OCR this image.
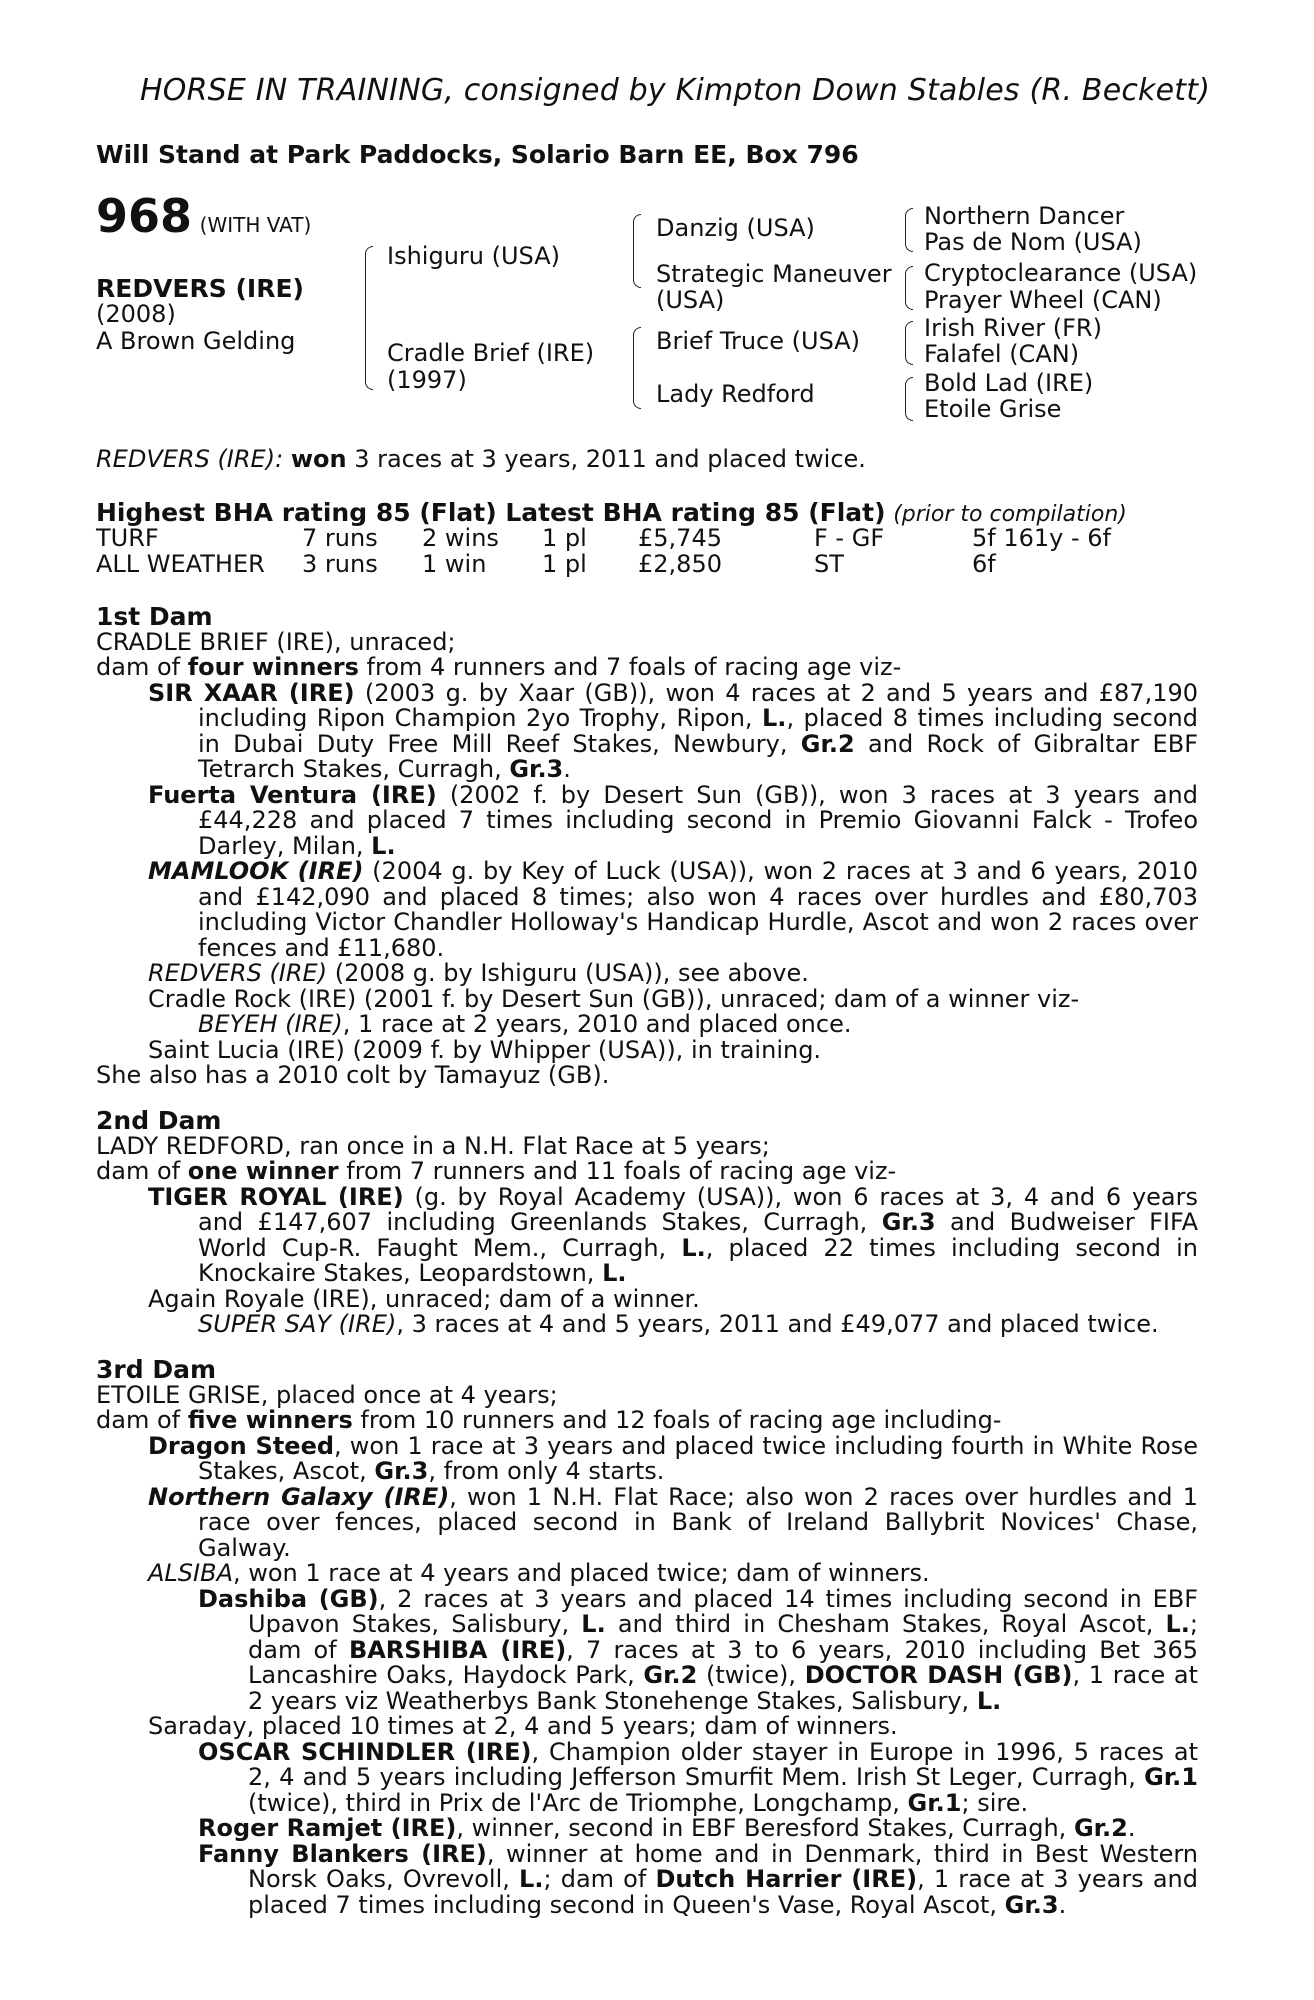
HORSE IN TRAINING, consigned by Kimpton Down Stables (R. Beckett)
Will Stand at Park Paddocks, Solario Barn EE, Box 796
968 (WITH VAT)
REDVERS (IRE)
(2008)
A Brown Gelding
Ishiguru (USA)
Cradle Brief (IRE)
(1997)
Danzig (USA)
Strategic Maneuver
(USA)
Brief Truce (USA)
Lady Redford
Northern Dancer
Pas de Nom (USA)
Cryptoclearance (USA)
Prayer Wheel (CAN)
Irish River (FR)
Falafel (CAN)
Bold Lad (IRE)
Etoile Grise
REDVERS (IRE): won 3 races at 3 years, 2011 and placed twice.
Highest BHA rating 85 (Flat) Latest BHA rating 85 (Flat) (prior to compilation)
TURF	7 runs 2 wins 1 pl £5,745	F - GF	5f 161y - 6f
ALL WEATHER 3 runs 1 win 1 pl £2,850	ST	6f
1st Dam
CRADLE BRIEF (IRE), unraced;
dam of four winners from 4 runners and 7 foals of racing age viz-
SIR XAAR (IRE) (2003 g. by Xaar (GB)), won 4 races at 2 and 5 years and £87,190 including Ripon Champion 2yo Trophy, Ripon, L., placed 8 times including second in Dubai Duty Free Mill Reef Stakes, Newbury, Gr.2 and Rock of Gibraltar EBF Tetrarch Stakes, Curragh, Gr.3.
Fuerta Ventura (IRE) (2002 f. by Desert Sun (GB)), won 3 races at 3 years and £44,228 and placed 7 times including second in Premio Giovanni Falck - Trofeo Darley, Milan, L.
MAMLOOK (IRE) (2004 g. by Key of Luck (USA)), won 2 races at 3 and 6 years, 2010 and £142,090 and placed 8 times; also won 4 races over hurdles and £80,703 including Victor Chandler Holloway's Handicap Hurdle, Ascot and won 2 races over fences and £11,680.
REDVERS (IRE) (2008 g. by Ishiguru (USA)), see above.
Cradle Rock (IRE) (2001 f. by Desert Sun (GB)), unraced; dam of a winner viz-
BEYEH (IRE), 1 race at 2 years, 2010 and placed once.
Saint Lucia (IRE) (2009 f. by Whipper (USA)), in training.
She also has a 2010 colt by Tamayuz (GB).
2nd Dam
LADY REDFORD, ran once in a N.H. Flat Race at 5 years;
dam of one winner from 7 runners and 11 foals of racing age viz-
TIGER ROYAL (IRE) (g. by Royal Academy (USA)), won 6 races at 3, 4 and 6 years and £147,607 including Greenlands Stakes, Curragh, Gr.3 and Budweiser FIFA World Cup-R. Faught Mem., Curragh, L., placed 22 times including second in Knockaire Stakes, Leopardstown, L.
Again Royale (IRE), unraced; dam of a winner.
SUPER SAY (IRE), 3 races at 4 and 5 years, 2011 and £49,077 and placed twice.
3rd Dam
ETOILE GRISE, placed once at 4 years;
dam of five winners from 10 runners and 12 foals of racing age including-
Dragon Steed, won 1 race at 3 years and placed twice including fourth in White Rose Stakes, Ascot, Gr.3, from only 4 starts.
Northern Galaxy (IRE), won 1 N.H. Flat Race; also won 2 races over hurdles and 1 race over fences, placed second in Bank of Ireland Ballybrit Novices' Chase, Galway.
ALSIBA, won 1 race at 4 years and placed twice; dam of winners.
Dashiba (GB), 2 races at 3 years and placed 14 times including second in EBF Upavon Stakes, Salisbury, L. and third in Chesham Stakes, Royal Ascot, L.; dam of BARSHIBA (IRE), 7 races at 3 to 6 years, 2010 including Bet 365 Lancashire Oaks, Haydock Park, Gr.2 (twice), DOCTOR DASH (GB), 1 race at 2 years viz Weatherbys Bank Stonehenge Stakes, Salisbury, L.
Saraday, placed 10 times at 2, 4 and 5 years; dam of winners.
OSCAR SCHINDLER (IRE), Champion older stayer in Europe in 1996, 5 races at 2, 4 and 5 years including Jefferson Smurfit Mem. Irish St Leger, Curragh, Gr.1 (twice), third in Prix de l'Arc de Triomphe, Longchamp, Gr.1; sire.
Roger Ramjet (IRE), winner, second in EBF Beresford Stakes, Curragh, Gr.2.
Fanny Blankers (IRE), winner at home and in Denmark, third in Best Western Norsk Oaks, Ovrevoll, L.; dam of Dutch Harrier (IRE), 1 race at 3 years and placed 7 times including second in Queen's Vase, Royal Ascot, Gr.3.
